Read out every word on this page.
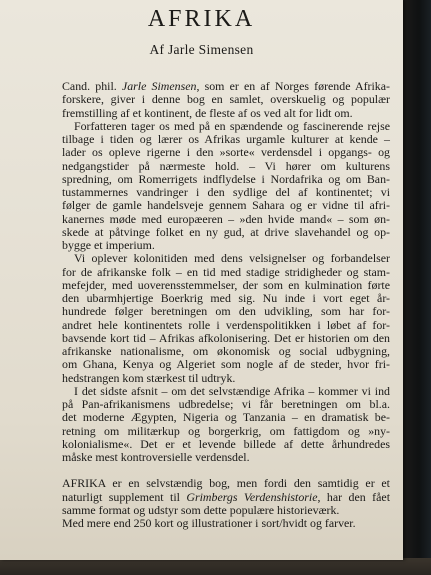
AFRIKA
Af Jarle Simensen
Cand. phil. Jarle Simensen, som er en af Norges førende Afrika-
forskere, giver i denne bog en samlet, overskuelig og populær
fremstilling af et kontinent, de fleste af os ved alt for lidt om.
Forfatteren tager os med på en spændende og fascinerende rejse
tilbage i tiden og lærer os Afrikas urgamle kulturer at kende –
lader os opleve rigerne i den »sorte« verdensdel i opgangs- og
nedgangstider på nærmeste hold. – Vi hører om kulturens
spredning, om Romerrigets indflydelse i Nordafrika og om Ban-
tustammernes vandringer i den sydlige del af kontinentet; vi
følger de gamle handelsveje gennem Sahara og er vidne til afri-
kanernes møde med europæeren – »den hvide mand« – som øn-
skede at påtvinge folket en ny gud, at drive slavehandel og op-
bygge et imperium.
Vi oplever kolonitiden med dens velsignelser og forbandelser
for de afrikanske folk – en tid med stadige stridigheder og stam-
mefejder, med uoverensstemmelser, der som en kulmination førte
den ubarmhjertige Boerkrig med sig. Nu inde i vort eget år-
hundrede følger beretningen om den udvikling, som har for-
andret hele kontinentets rolle i verdenspolitikken i løbet af for-
bavsende kort tid – Afrikas afkolonisering. Det er historien om den
afrikanske nationalisme, om økonomisk og social udbygning,
om Ghana, Kenya og Algeriet som nogle af de steder, hvor fri-
hedstrangen kom stærkest til udtryk.
I det sidste afsnit – om det selvstændige Afrika – kommer vi ind
på Pan-afrikanismens udbredelse; vi får beretningen om bl.a.
det moderne Ægypten, Nigeria og Tanzania – en dramatisk be-
retning om militærkup og borgerkrig, om fattigdom og »ny-
kolonialisme«. Det er et levende billede af dette århundredes
måske mest kontroversielle verdensdel.
AFRIKA er en selvstændig bog, men fordi den samtidig er et
naturligt supplement til Grimbergs Verdenshistorie, har den fået
samme format og udstyr som dette populære historieværk.
Med mere end 250 kort og illustrationer i sort/hvidt og farver.
